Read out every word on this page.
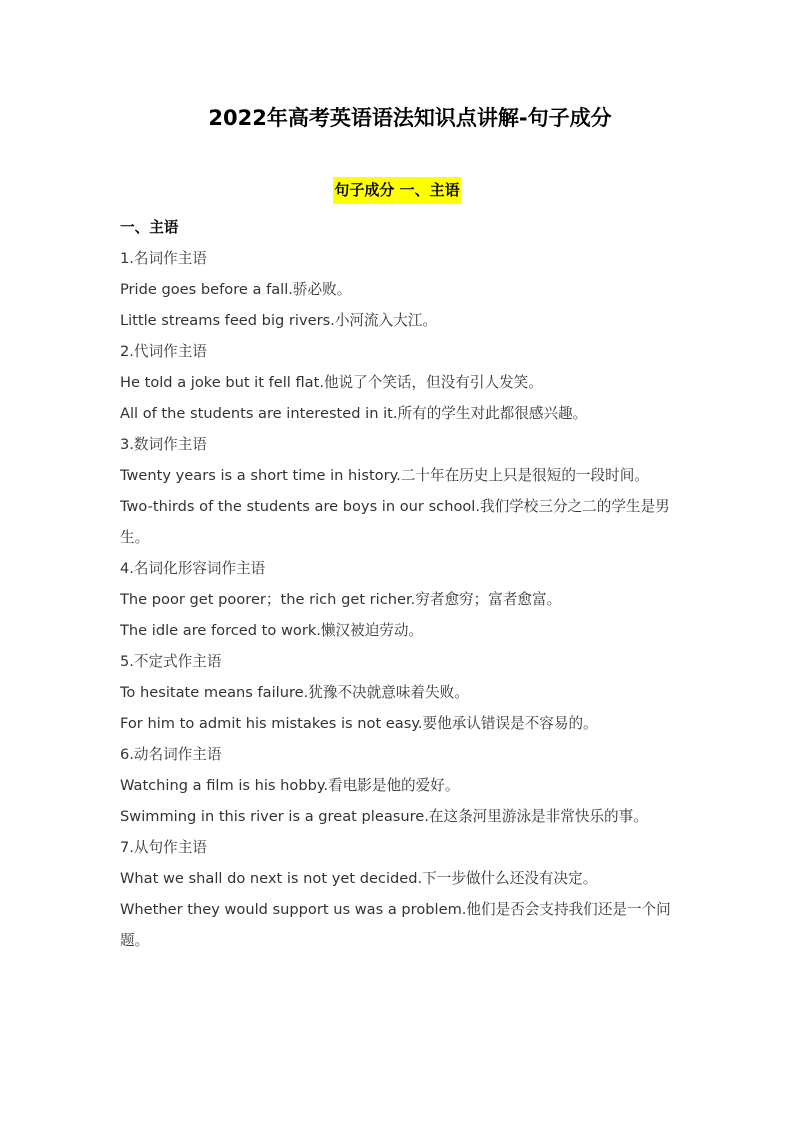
2022年高考英语语法知识点讲解-句子成分
句子成分 一、主语

一、主语

1.名词作主语

Pride goes before a fall.骄必败。

Little streams feed big rivers.小河流入大江。

2.代词作主语

He told a joke but it fell flat.他说了个笑话，但没有引人发笑。

All of the students are interested in it.所有的学生对此都很感兴趣。

3.数词作主语

Twenty years is a short time in history.二十年在历史上只是很短的一段时间。

Two-thirds of the students are boys in our school.我们学校三分之二的学生是男生。

4.名词化形容词作主语

The poor get poorer；the rich get richer.穷者愈穷；富者愈富。

The idle are forced to work.懒汉被迫劳动。

5.不定式作主语

To hesitate means failure.犹豫不决就意味着失败。

For him to admit his mistakes is not easy.要他承认错误是不容易的。

6.动名词作主语

Watching a film is his hobby.看电影是他的爱好。

Swimming in this river is a great pleasure.在这条河里游泳是非常快乐的事。

7.从句作主语

What we shall do next is not yet decided.下一步做什么还没有决定。

Whether they would support us was a problem.他们是否会支持我们还是一个问题。
